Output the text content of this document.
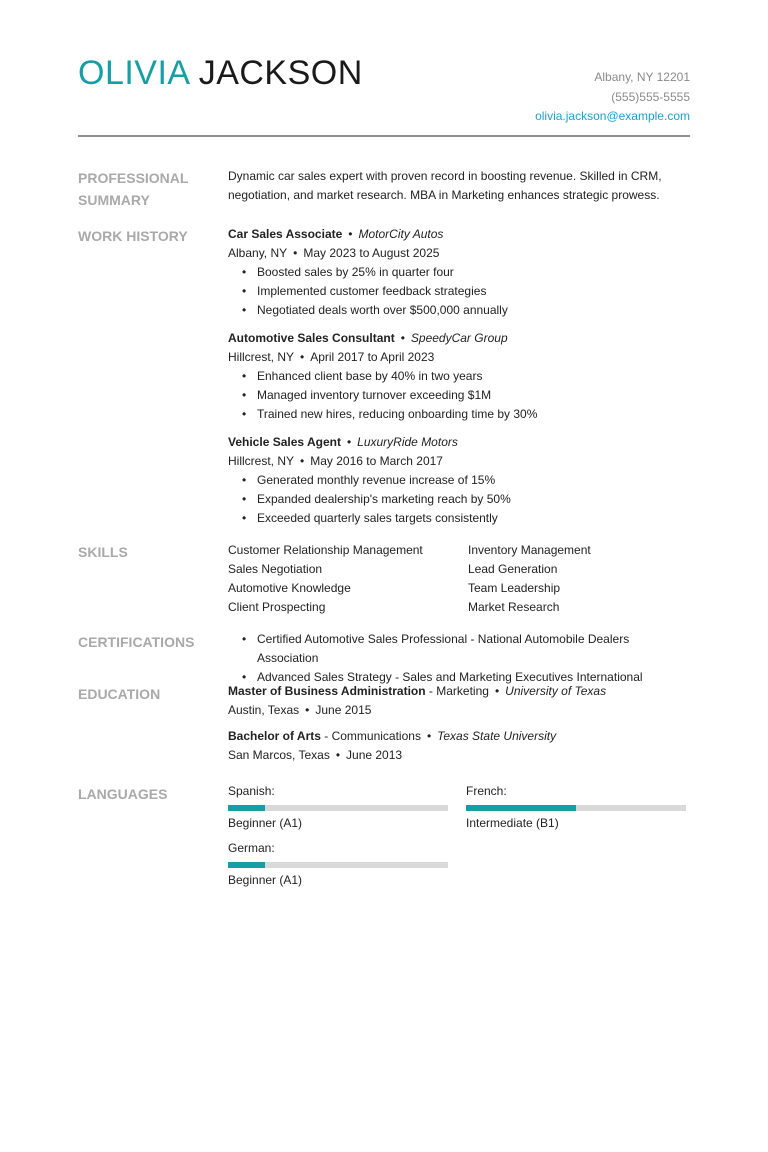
OLIVIA JACKSON	Albany, NY 12201
(555)555-5555
olivia.jackson@example.com
PROFESSIONAL SUMMARY

Dynamic car sales expert with proven record in boosting revenue. Skilled in CRM, negotiation, and market research. MBA in Marketing enhances strategic prowess.

WORK HISTORY	Car Sales Associate • MotorCity Autos
Albany, NY • May 2023 to August 2025
• Boosted sales by 25% in quarter four
• Implemented customer feedback strategies
• Negotiated deals worth over $500,000 annually
Automotive Sales Consultant • SpeedyCar Group
Hillcrest, NY • April 2017 to April 2023
• Enhanced client base by 40% in two years
• Managed inventory turnover exceeding $1M
• Trained new hires, reducing onboarding time by 30%
Vehicle Sales Agent • LuxuryRide Motors
Hillcrest, NY • May 2016 to March 2017
• Generated monthly revenue increase of 15%
• Expanded dealership's marketing reach by 50%
• Exceeded quarterly sales targets consistently
SKILLS	Customer Relationship Management	Inventory Management
Sales Negotiation	Lead Generation
Automotive Knowledge	Team Leadership
Client Prospecting	Market Research
CERTIFICATIONS
•	Certified Automotive Sales Professional - National Automobile Dealers Association
• Advanced Sales Strategy - Sales and Marketing Executives International
EDUCATION	Master of Business Administration - Marketing • University of Texas
Austin, Texas • June 2015
Bachelor of Arts - Communications • Texas State University
San Marcos, Texas • June 2013
LANGUAGES	Spanish:
Beginner (A1)
French:
Intermediate (B1)
German:
Beginner (A1)
